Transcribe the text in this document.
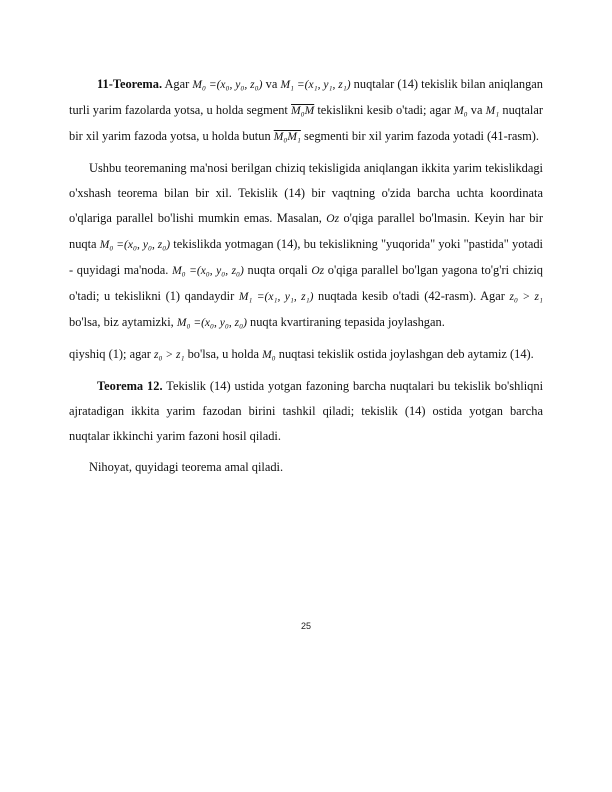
11-Teorema. Agar M₀ =(x₀, y₀, z₀) va M₁ =(x₁, y₁, z₁) nuqtalar (14) tekislik bilan aniqlangan turli yarim fazolarda yotsa, u holda segment M₀M tekislikni kesib o'tadi; agar M₀ va M₁ nuqtalar bir xil yarim fazoda yotsa, u holda butun M₀M₁ segmenti bir xil yarim fazoda yotadi (41-rasm).

Ushbu teoremaning ma'nosi berilgan chiziq tekisligida aniqlangan ikkita yarim tekislikdagi o'xshash teorema bilan bir xil. Tekislik (14) bir vaqtning o'zida barcha uchta koordinata o'qlariga parallel bo'lishi mumkin emas. Masalan, Oz o'qiga parallel bo'lmasin. Keyin har bir nuqta M₀ =(x₀, y₀, z₀) tekislikda yotmagan (14), bu tekislikning "yuqorida" yoki "pastida" yotadi - quyidagi ma'noda. M₀ =(x₀, y₀, z₀) nuqta orqali Oz o'qiga parallel bo'lgan yagona to'g'ri chiziq o'tadi; u tekislikni (1) qandaydir M₁ =(x₁, y₁, z₁) nuqtada kesib o'tadi (42-rasm). Agar z₀ > z₁ bo'lsa, biz aytamizki, M₀ =(x₀, y₀, z₀) nuqta kvartiraning tepasida joylashgan.

qiyshiq (1); agar z₀ > z₁ bo'lsa, u holda M₀ nuqtasi tekislik ostida joylashgan deb aytamiz (14).

Teorema 12. Tekislik (14) ustida yotgan fazoning barcha nuqtalari bu tekislik bo'shliqni ajratadigan ikkita yarim fazodan birini tashkil qiladi; tekislik (14) ostida yotgan barcha nuqtalar ikkinchi yarim fazoni hosil qiladi.

Nihoyat, quyidagi teorema amal qiladi.

25
